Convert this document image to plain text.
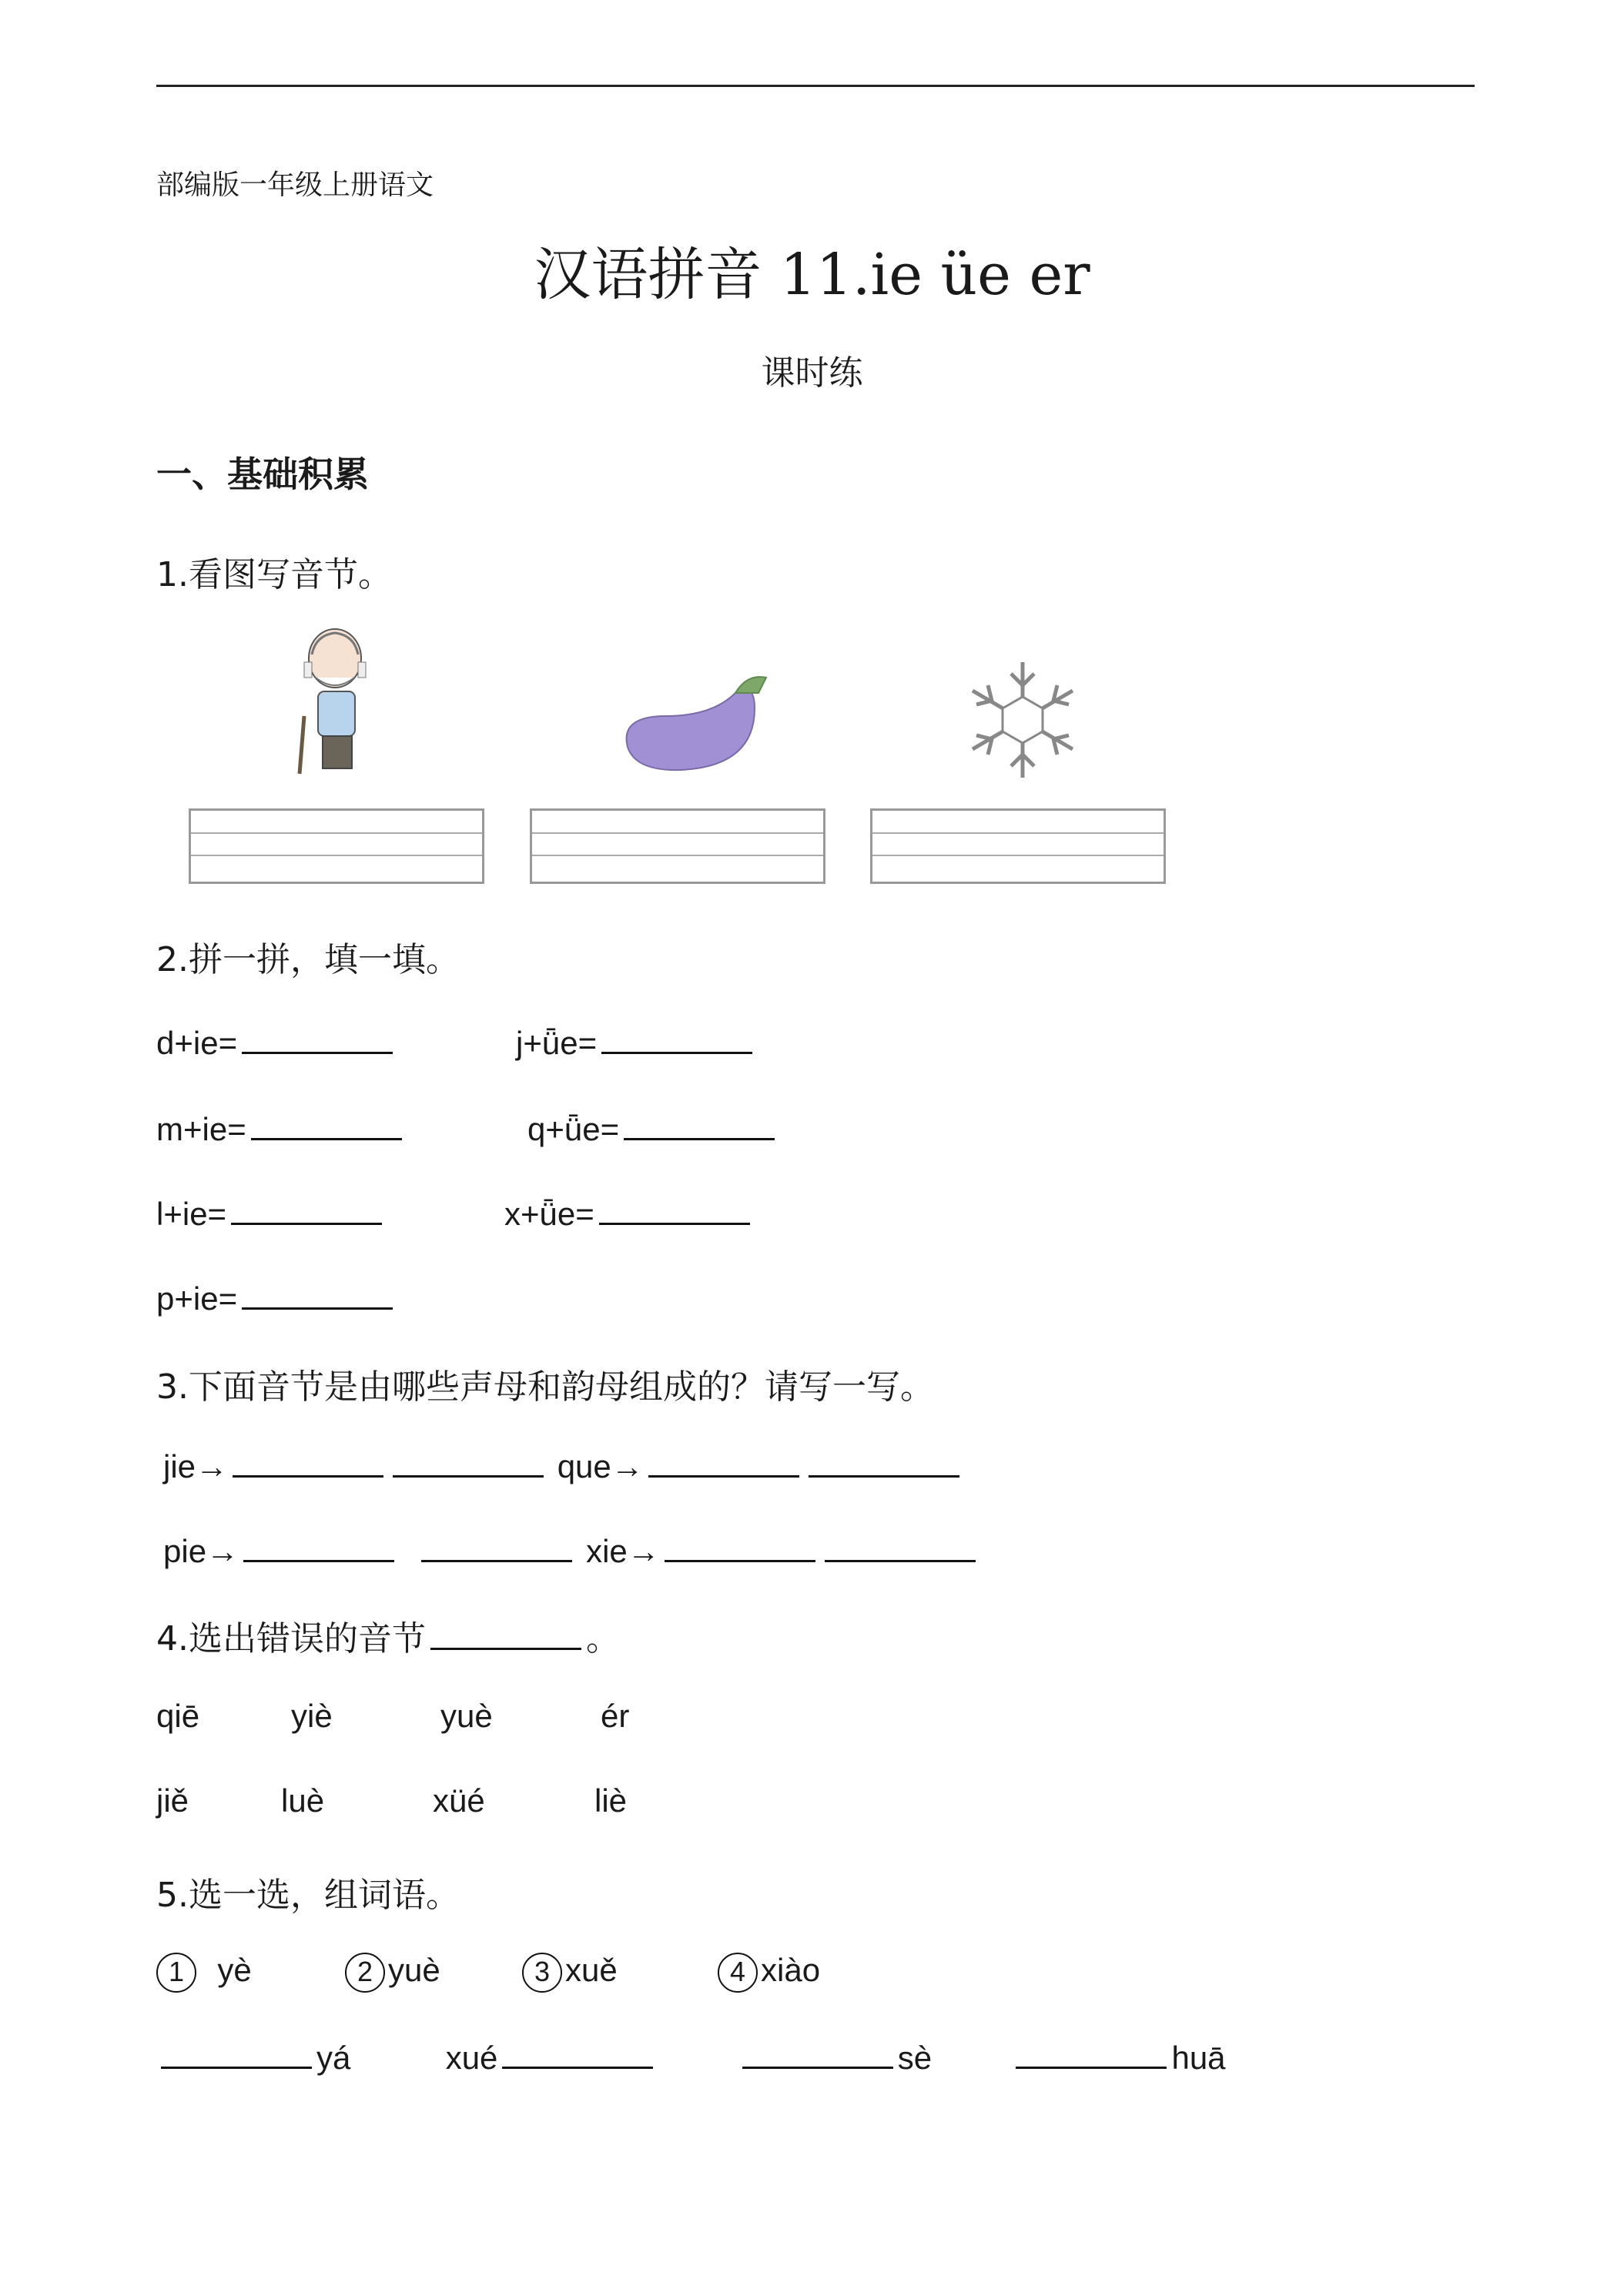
部编版一年级上册语文
汉语拼音 11.ie üe er
课时练
一、基础积累
1.看图写音节。
2.拼一拼，填一填。
d+ie=	j+ǖe=
m+ie=	q+ǖe=
l+ie=	x+ǖe=
p+ie=
3.下面音节是由哪些声母和韵母组成的？请写一写。
jie→	que→
pie→	xie→
4.选出错误的音节	。
qiē	yiè	yuè	ér
jiě	luè	xüé	liè
5.选一选，组词语。
1 yè	2 yuè	3 xuě	4 xiào
yá	xué	sè	huā
